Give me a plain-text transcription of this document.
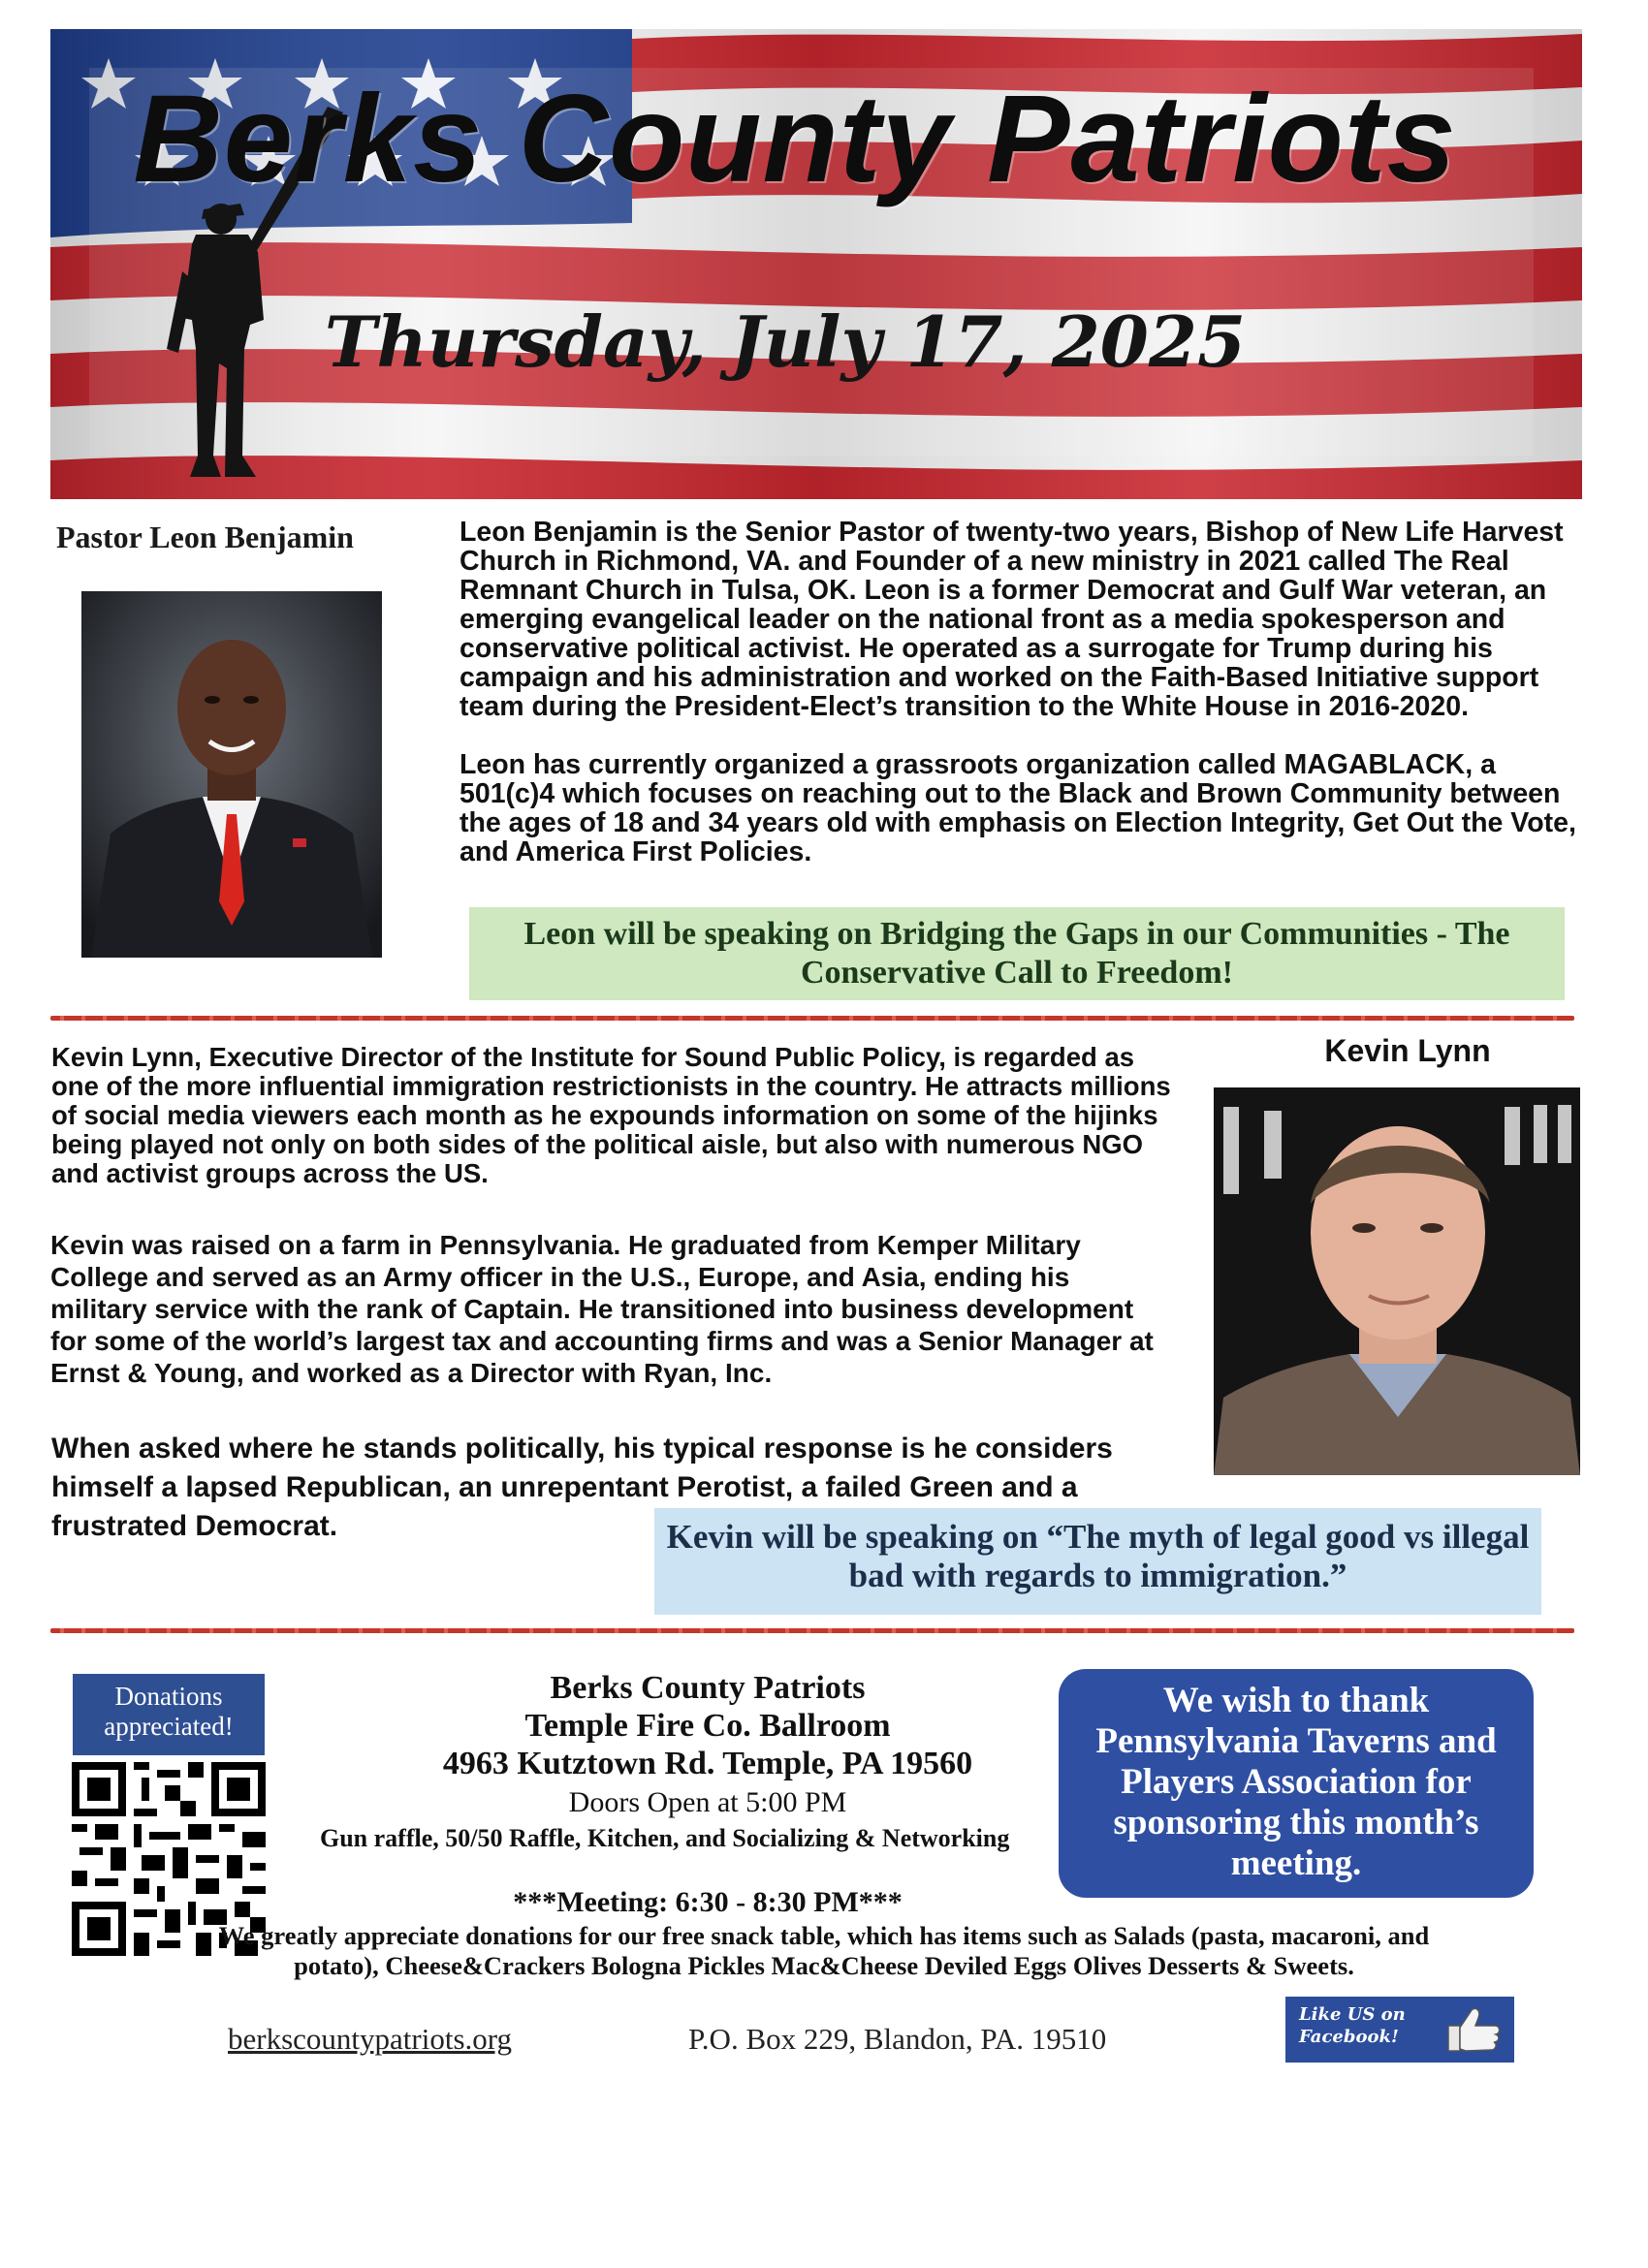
Berks County Patriots
Thursday, July 17, 2025
Pastor Leon Benjamin	Leon Benjamin is the Senior Pastor of twenty-two years, Bishop of New Life Harvest Church in Richmond, VA. and Founder of a new ministry in 2021 called The Real Remnant Church in Tulsa, OK. Leon is a former Democrat and Gulf War veteran, an emerging evangelical leader on the national front as a media spokesperson and conservative political activist. He operated as a surrogate for Trump during his campaign and his administration and worked on the Faith-Based Initiative support team during the President-Elect’s transition to the White House in 2016-2020.

Leon has currently organized a grassroots organization called MAGABLACK, a 501(c)4 which focuses on reaching out to the Black and Brown Community between the ages of 18 and 34 years old with emphasis on Election Integrity, Get Out the Vote, and America First Policies.

Leon will be speaking on Bridging the Gaps in our Communities - The Conservative Call to Freedom!
Kevin Lynn
Kevin Lynn, Executive Director of the Institute for Sound Public Policy, is regarded as one of the more influential immigration restrictionists in the country. He attracts millions of social media viewers each month as he expounds information on some of the hijinks being played not only on both sides of the political aisle, but also with numerous NGO and activist groups across the US.
Kevin was raised on a farm in Pennsylvania. He graduated from Kemper Military College and served as an Army officer in the U.S., Europe, and Asia, ending his military service with the rank of Captain. He transitioned into business development for some of the world’s largest tax and accounting firms and was a Senior Manager at Ernst & Young, and worked as a Director with Ryan, Inc.
When asked where he stands politically, his typical response is he considers himself a lapsed Republican, an unrepentant Perotist, a failed Green and a frustrated Democrat.	Kevin will be speaking on “The myth of legal good vs illegal bad with regards to immigration.”
Donations appreciated!
Berks County Patriots
Temple Fire Co. Ballroom
4963 Kutztown Rd. Temple, PA 19560
Doors Open at 5:00 PM
Gun raffle, 50/50 Raffle, Kitchen, and Socializing & Networking
***Meeting: 6:30 - 8:30 PM***
We greatly appreciate donations for our free snack table, which has items such as Salads (pasta, macaroni, and potato), Cheese&Crackers Bologna Pickles Mac&Cheese Deviled Eggs Olives Desserts & Sweets.
We wish to thank Pennsylvania Taverns and Players Association for sponsoring this month’s meeting.
berkscountypatriots.org	P.O. Box 229, Blandon, PA. 19510
Like US on
Facebook!
